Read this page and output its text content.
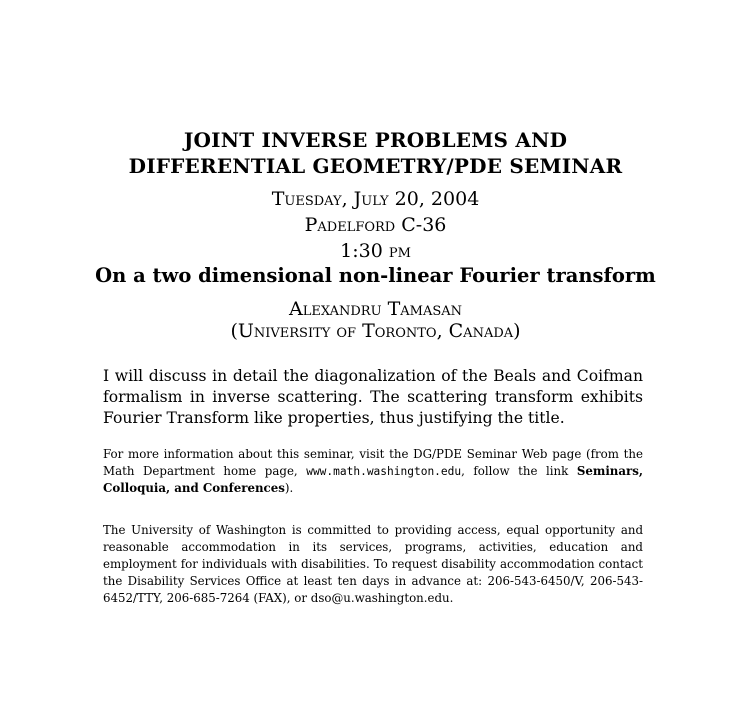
JOINT INVERSE PROBLEMS AND
DIFFERENTIAL GEOMETRY/PDE SEMINAR
Tuesday, July 20, 2004
Padelford C-36
1:30 pm
On a two dimensional non-linear Fourier transform
Alexandru Tamasan
(University of Toronto, Canada)
I will discuss in detail the diagonalization of the Beals and Coifman formalism in inverse scattering. The scattering transform exhibits Fourier Transform like properties, thus justifying the title.
For more information about this seminar, visit the DG/PDE Seminar Web page (from the Math Department home page, www.math.washington.edu, follow the link Seminars, Colloquia, and Conferences).
The University of Washington is committed to providing access, equal opportunity and reasonable accommodation in its services, programs, activities, education and employment for individuals with disabilities. To request disability accommodation contact the Disability Services Office at least ten days in advance at: 206-543-6450/V, 206-543-6452/TTY, 206-685-7264 (FAX), or dso@u.washington.edu.
